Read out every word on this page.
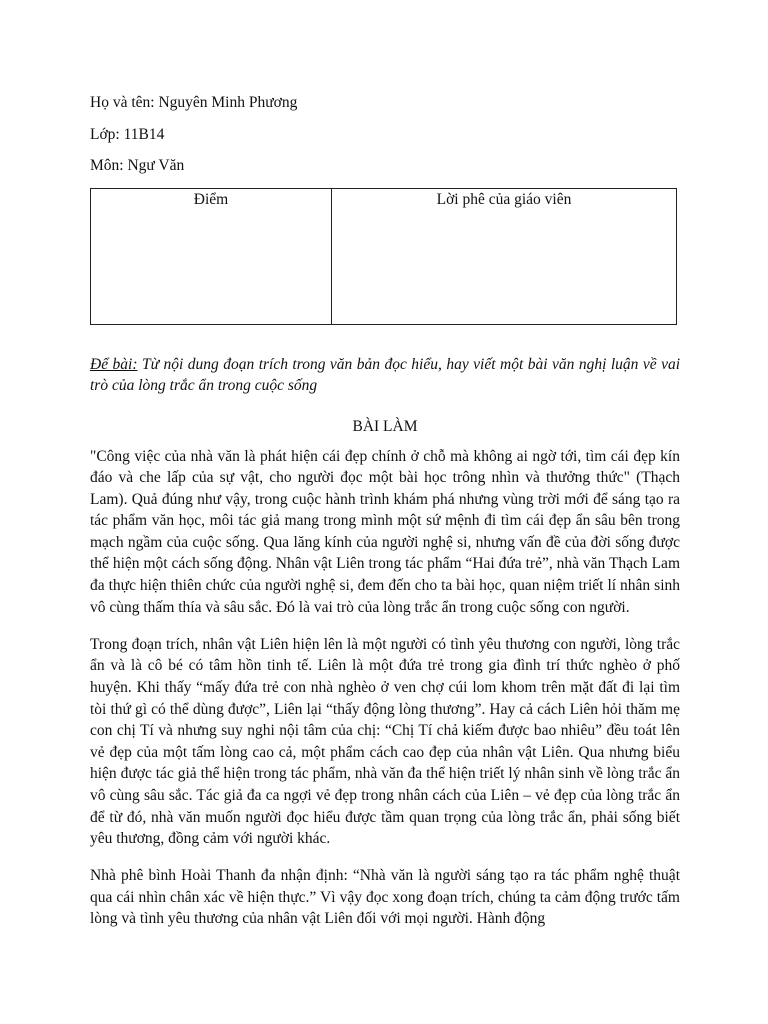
Họ và tên: Nguyên Minh Phương
Lớp: 11B14
Môn: Ngư Văn
Điểm	Lời phê của giáo viên
Để bài: Từ nội dung đoạn trích trong văn bản đọc hiểu, hay viết một bài văn nghị luận về vai trò của lòng trắc ẩn trong cuộc sống
BÀI LÀM

"Công việc của nhà văn là phát hiện cái đẹp chính ở chỗ mà không ai ngờ tới, tìm cái đẹp kín đáo và che lấp của sự vật, cho người đọc một bài học trông nhìn và thưởng thức" (Thạch Lam). Quả đúng như vậy, trong cuộc hành trình khám phá nhưng vùng trời mới để sáng tạo ra tác phẩm văn học, môi tác giả mang trong mình một sứ mệnh đi tìm cái đẹp ẩn sâu bên trong mạch ngầm của cuộc sống. Qua lăng kính của người nghệ si, nhưng vấn đề của đời sống được thể hiện một cách sống động. Nhân vật Liên trong tác phẩm “Hai đứa trẻ”, nhà văn Thạch Lam đa thực hiện thiên chức của người nghệ si, đem đến cho ta bài học, quan niệm triết lí nhân sinh vô cùng thấm thía và sâu sắc. Đó là vai trò của lòng trắc ẩn trong cuộc sống con người.

Trong đoạn trích, nhân vật Liên hiện lên là một người có tình yêu thương con người, lòng trắc ẩn và là cô bé có tâm hồn tinh tế. Liên là một đứa trẻ trong gia đình trí thức nghèo ở phố huyện. Khi thấy “mấy đứa trẻ con nhà nghèo ở ven chợ cúi lom khom trên mặt đất đi lại tìm tòi thứ gì có thể dùng được”, Liên lại “thấy động lòng thương”. Hay cả cách Liên hỏi thăm mẹ con chị Tí và nhưng suy nghi nội tâm của chị: “Chị Tí chả kiếm được bao nhiêu” đều toát lên vẻ đẹp của một tấm lòng cao cả, một phẩm cách cao đẹp của nhân vật Liên. Qua nhưng biểu hiện được tác giả thể hiện trong tác phẩm, nhà văn đa thể hiện triết lý nhân sinh về lòng trắc ẩn vô cùng sâu sắc. Tác giả đa ca ngợi vẻ đẹp trong nhân cách của Liên – vẻ đẹp của lòng trắc ẩn để từ đó, nhà văn muốn người đọc hiểu được tầm quan trọng của lòng trắc ẩn, phải sống biết yêu thương, đồng cảm với người khác.

Nhà phê bình Hoài Thanh đa nhận định: “Nhà văn là người sáng tạo ra tác phẩm nghệ thuật qua cái nhìn chân xác về hiện thực.” Vì vậy đọc xong đoạn trích, chúng ta cảm động trước tấm lòng và tình yêu thương của nhân vật Liên đối với mọi người. Hành động
